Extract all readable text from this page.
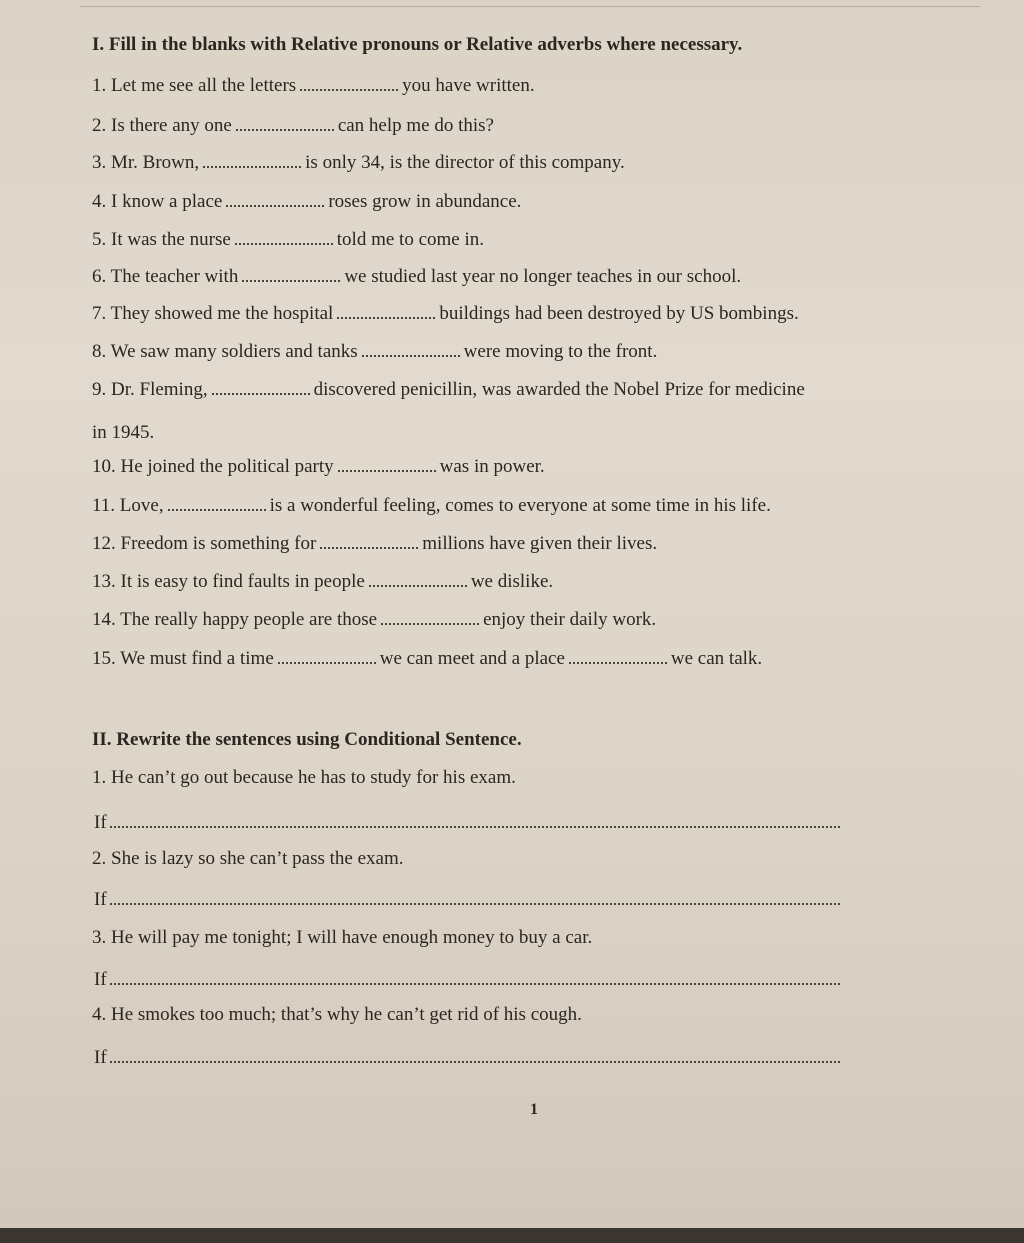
I. Fill in the blanks with Relative pronouns or Relative adverbs where necessary.
1. Let me see all the letters	you have written.
2. Is there any one	can help me do this?
3. Mr. Brown,	is only 34, is the director of this company.
4. I know a place	roses grow in abundance.
5. It was the nurse	told me to come in.
6. The teacher with	we studied last year no longer teaches in our school.
7. They showed me the hospital	buildings had been destroyed by US bombings.
8. We saw many soldiers and tanks	were moving to the front.
9. Dr. Fleming,	discovered penicillin, was awarded the Nobel Prize for medicine
in 1945.
10. He joined the political party	was in power.
11. Love,	is a wonderful feeling, comes to everyone at some time in his life.
12. Freedom is something for	millions have given their lives.
13. It is easy to find faults in people	we dislike.
14. The really happy people are those	enjoy their daily work.
15. We must find a time	we can meet and a place	we can talk.
II. Rewrite the sentences using Conditional Sentence.
1. He can’t go out because he has to study for his exam.
If
2. She is lazy so she can’t pass the exam.
If
3. He will pay me tonight; I will have enough money to buy a car.
If
4. He smokes too much; that’s why he can’t get rid of his cough.
If
1
